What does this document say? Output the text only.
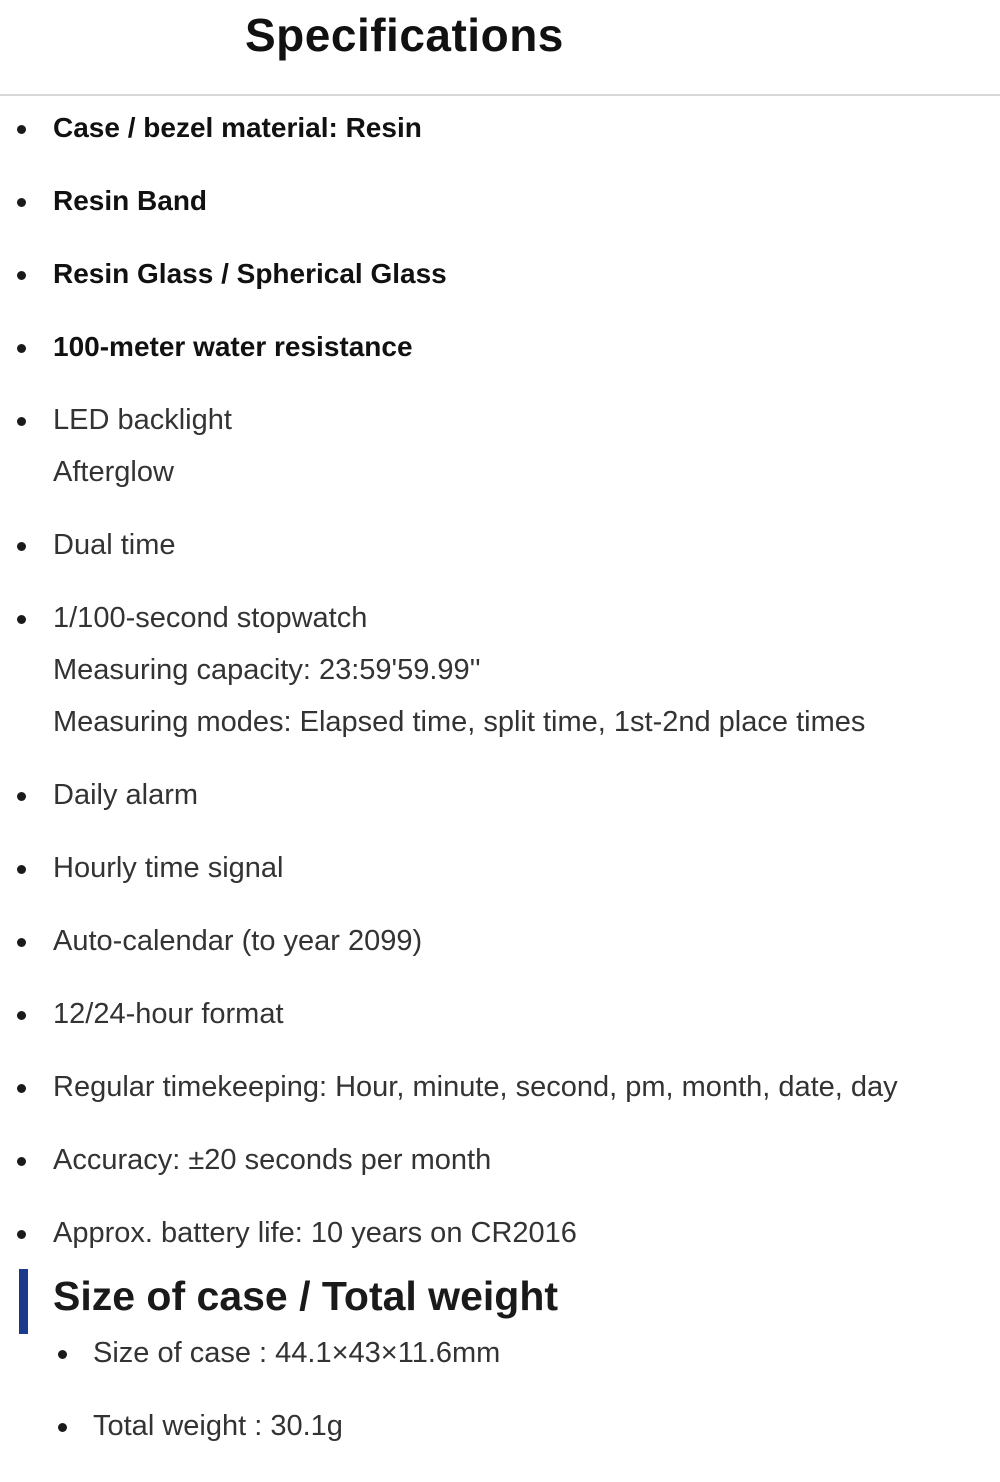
Specifications
Case / bezel material: Resin
Resin Band
Resin Glass / Spherical Glass
100-meter water resistance
LED backlight
Afterglow
Dual time
1/100-second stopwatch
Measuring capacity: 23:59'59.99''
Measuring modes: Elapsed time, split time, 1st-2nd place times
Daily alarm
Hourly time signal
Auto-calendar (to year 2099)
12/24-hour format
Regular timekeeping: Hour, minute, second, pm, month, date, day
Accuracy: ±20 seconds per month
Approx. battery life: 10 years on CR2016
Size of case / Total weight
Size of case : 44.1×43×11.6mm
Total weight : 30.1g
